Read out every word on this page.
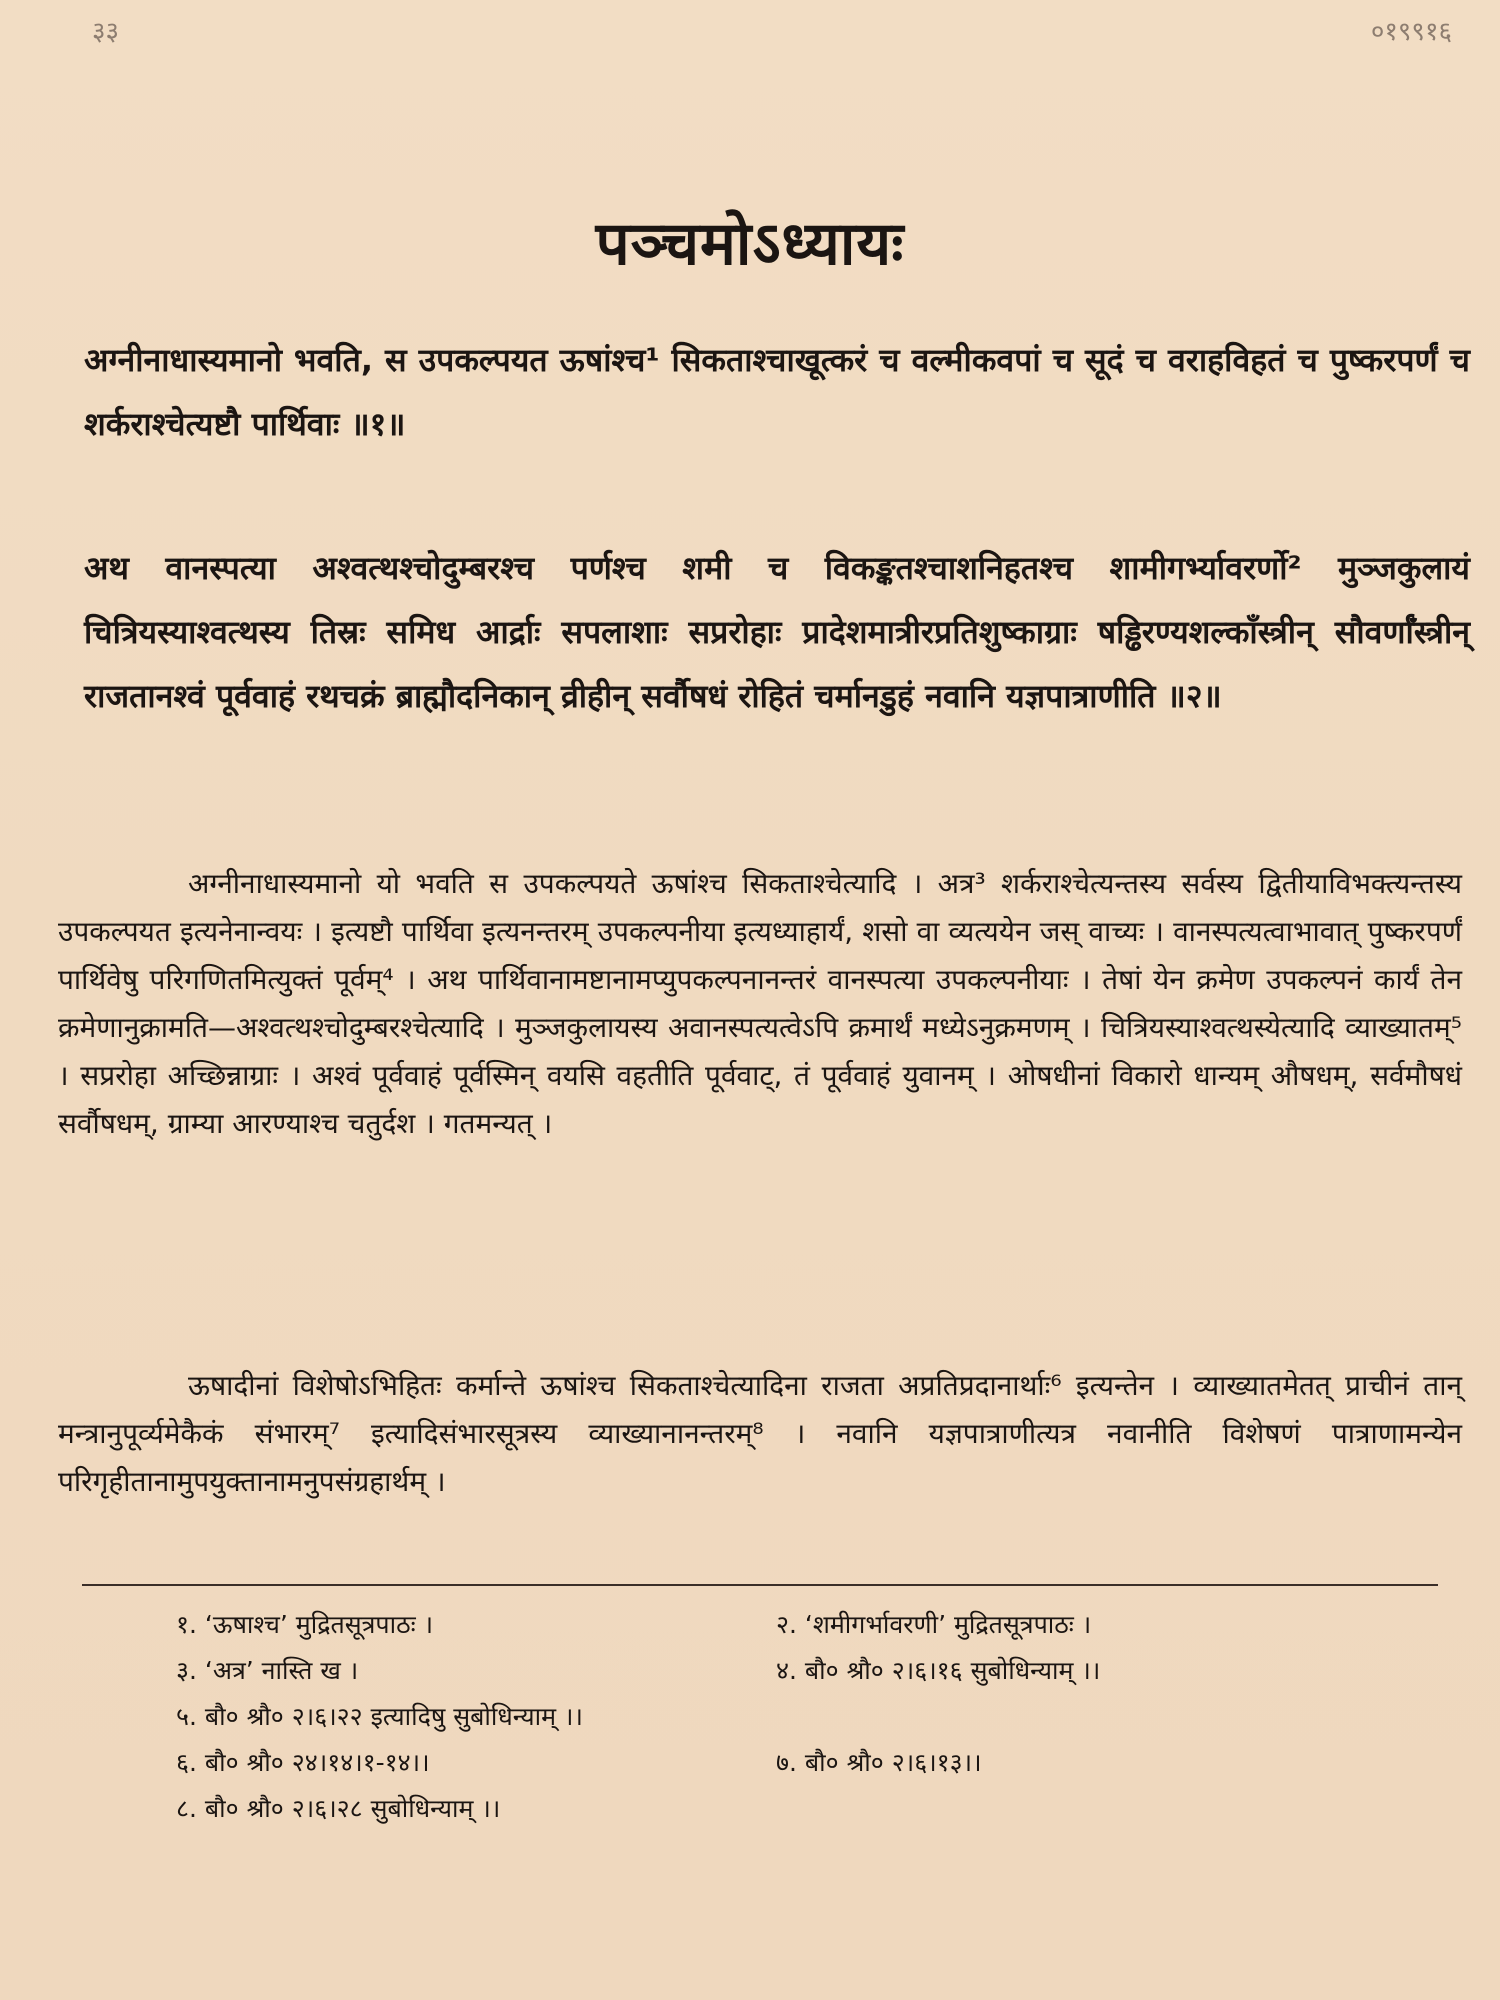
३३	०१९९१६
पञ्चमोऽध्यायः

अग्नीनाधास्यमानो भवति, स उपकल्पयत ऊषांश्च¹ सिकताश्चाखूत्करं च वल्मीकवपां च सूदं च वराहविहतं च पुष्करपर्णं च शर्कराश्चेत्यष्टौ पार्थिवाः ॥१॥

अथ वानस्पत्या अश्वत्थश्चोदुम्बरश्च पर्णश्च शमी च विकङ्कतश्चाशनिहतश्च शामीगर्भ्यावरर्णो² मुञ्जकुलायं चित्रियस्याश्वत्थस्य तिस्रः समिध आर्द्राः सपलाशाः सप्ररोहाः प्रादेशमात्रीरप्रतिशुष्काग्राः षड्ढिरण्यशल्काँस्त्रीन् सौवर्णाँस्त्रीन् राजतानश्वं पूर्ववाहं रथचक्रं ब्राह्मौदनिकान् व्रीहीन् सर्वौषधं रोहितं चर्मानडुहं नवानि यज्ञपात्राणीति ॥२॥

अग्नीनाधास्यमानो यो भवति स उपकल्पयते ऊषांश्च सिकताश्चेत्यादि । अत्र³ शर्कराश्चेत्यन्तस्य सर्वस्य द्वितीयाविभक्त्यन्तस्य उपकल्पयत इत्यनेनान्वयः । इत्यष्टौ पार्थिवा इत्यनन्तरम् उपकल्पनीया इत्यध्याहार्यं, शसो वा व्यत्ययेन जस् वाच्यः । वानस्पत्यत्वाभावात् पुष्करपर्णं पार्थिवेषु परिगणितमित्युक्तं पूर्वम्⁴ । अथ पार्थिवानामष्टानामप्युपकल्पनानन्तरं वानस्पत्या उपकल्पनीयाः । तेषां येन क्रमेण उपकल्पनं कार्यं तेन क्रमेणानुक्रामति—अश्वत्थश्चोदुम्बरश्चेत्यादि । मुञ्जकुलायस्य अवानस्पत्यत्वेऽपि क्रमार्थं मध्येऽनुक्रमणम् । चित्रियस्याश्वत्थस्येत्यादि व्याख्यातम्⁵ । सप्ररोहा अच्छिन्नाग्राः । अश्वं पूर्ववाहं पूर्वस्मिन् वयसि वहतीति पूर्ववाट्, तं पूर्ववाहं युवानम् । ओषधीनां विकारो धान्यम् औषधम्, सर्वमौषधं सर्वौषधम्, ग्राम्या आरण्याश्च चतुर्दश । गतमन्यत् ।

ऊषादीनां विशेषोऽभिहितः कर्मान्ते ऊषांश्च सिकताश्चेत्यादिना राजता अप्रतिप्रदानार्थाः⁶ इत्यन्तेन । व्याख्यातमेतत् प्राचीनं तान् मन्त्रानुपूर्व्यमेकैकं संभारम्⁷ इत्यादिसंभारसूत्रस्य व्याख्यानानन्तरम्⁸ । नवानि यज्ञपात्राणीत्यत्र नवानीति विशेषणं पात्राणामन्येन परिगृहीतानामुपयुक्तानामनुपसंग्रहार्थम् ।

१. ‘ऊषाश्च’ मुद्रितसूत्रपाठः ।	२. ‘शमीगर्भावरणी’ मुद्रितसूत्रपाठः ।
३. ‘अत्र’ नास्ति ख ।	४. बौ० श्रौ० २।६।१६ सुबोधिन्याम् ।।
५. बौ० श्रौ० २।६।२२ इत्यादिषु सुबोधिन्याम् ।।
६. बौ० श्रौ० २४।१४।१-१४।।	७. बौ० श्रौ० २।६।१३।।
८. बौ० श्रौ० २।६।२८ सुबोधिन्याम् ।।
